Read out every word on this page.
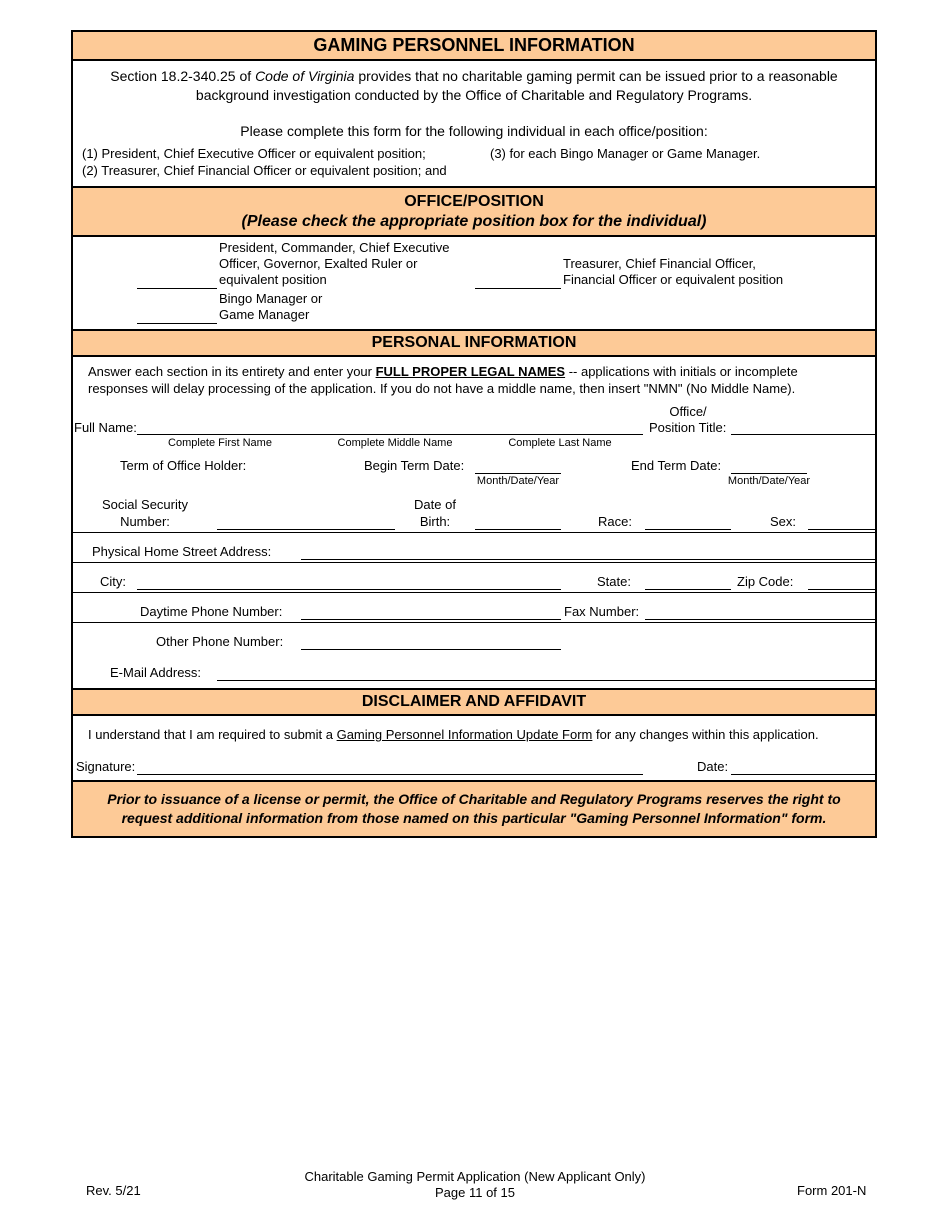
GAMING PERSONNEL INFORMATION
Section 18.2-340.25 of Code of Virginia provides that no charitable gaming permit can be issued prior to a reasonable
background investigation conducted by the Office of Charitable and Regulatory Programs.
Please complete this form for the following individual in each office/position:
(1) President, Chief Executive Officer or equivalent position;
(2) Treasurer, Chief Financial Officer or equivalent position; and
(3) for each Bingo Manager or Game Manager.
OFFICE/POSITION
(Please check the appropriate position box for the individual)
President, Commander, Chief Executive
Officer, Governor, Exalted Ruler or
equivalent position
Treasurer, Chief Financial Officer,
Financial Officer or equivalent position
Bingo Manager or
Game Manager
PERSONAL INFORMATION
Answer each section in its entirety and enter your FULL PROPER LEGAL NAMES -- applications with initials or incomplete
responses will delay processing of the application. If you do not have a middle name, then insert "NMN" (No Middle Name).
Full Name:
Complete First Name	Complete Middle Name	Complete Last Name
Office/
Position Title:
Term of Office Holder:	Begin Term Date:
Month/Date/Year
End Term Date:
Month/Date/Year
Social Security
Number:
Date of
Birth:	Race:	Sex:
Physical Home Street Address:
City:	State:	Zip Code:
Daytime Phone Number:	Fax Number:
Other Phone Number:
E-Mail Address:
DISCLAIMER AND AFFIDAVIT
I understand that I am required to submit a Gaming Personnel Information Update Form for any changes within this application.
Signature:	Date:
Prior to issuance of a license or permit, the Office of Charitable and Regulatory Programs reserves the right to
request additional information from those named on this particular "Gaming Personnel Information" form.
Rev. 5/21
Charitable Gaming Permit Application (New Applicant Only)
Page 11 of 15	Form 201-N
